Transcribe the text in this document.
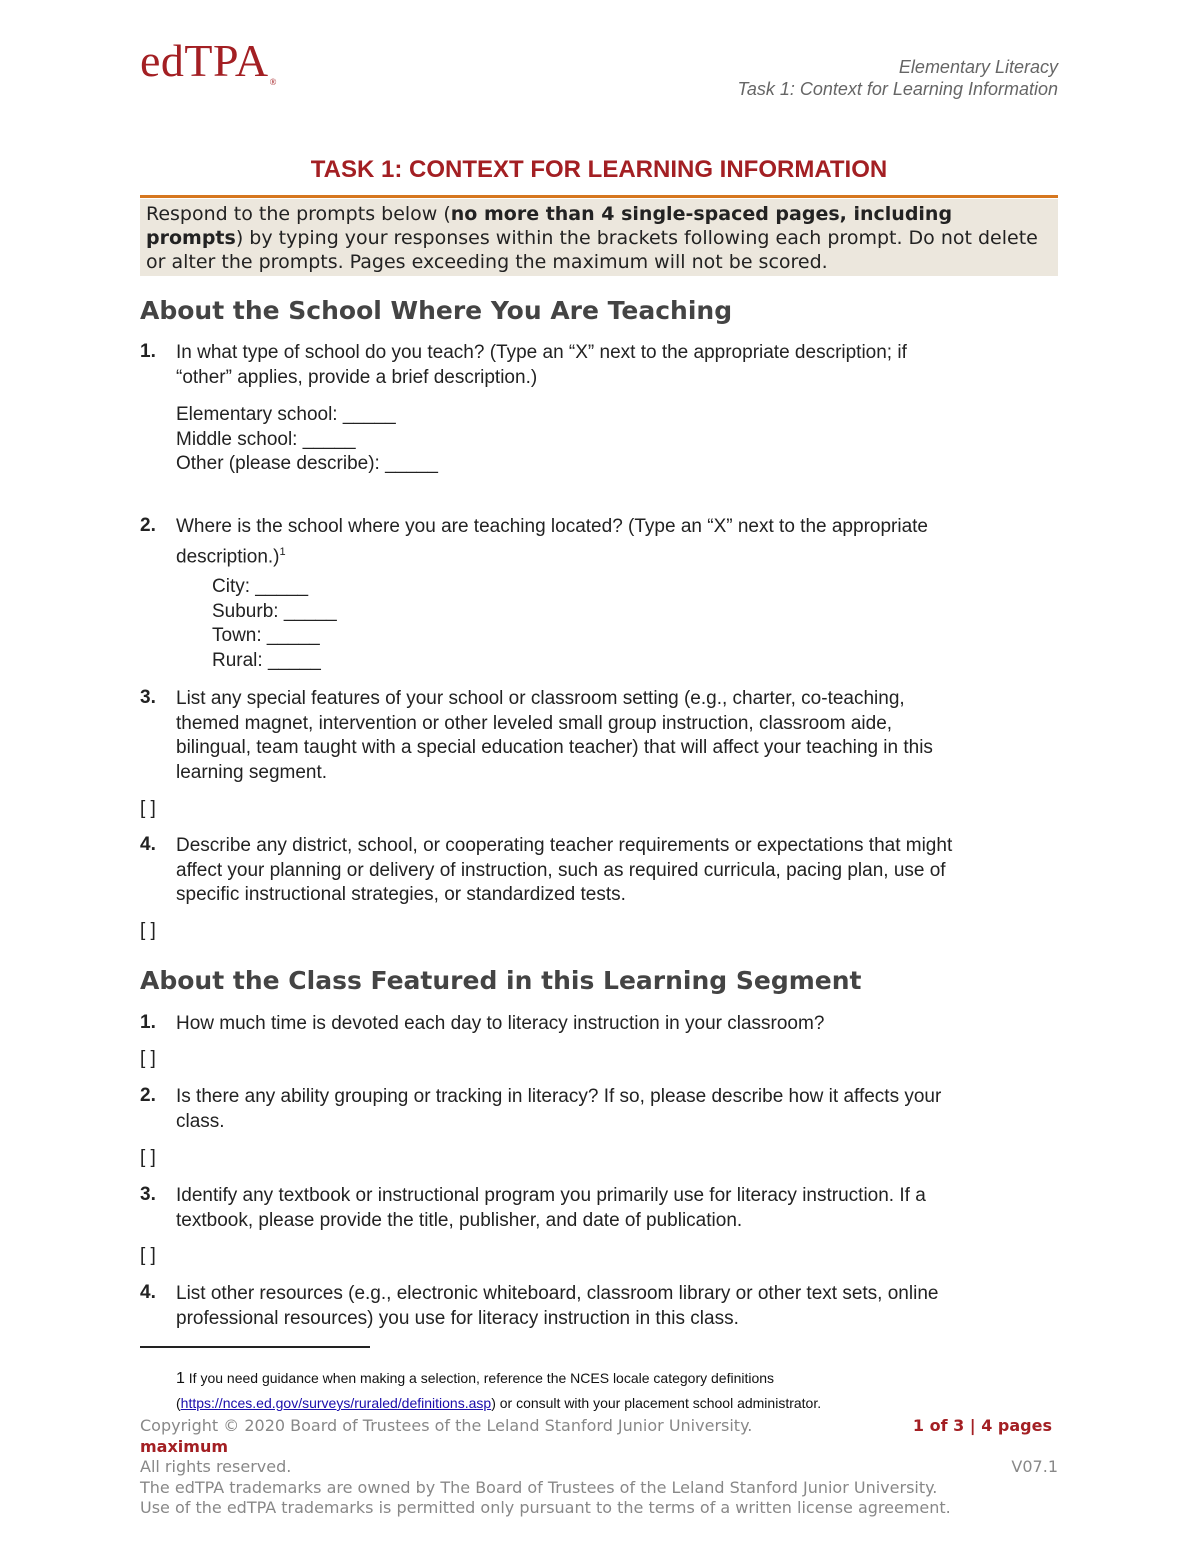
edTPA®
Elementary Literacy
Task 1: Context for Learning Information
TASK 1: CONTEXT FOR LEARNING INFORMATION
Respond to the prompts below (no more than 4 single-spaced pages, including prompts) by typing your responses within the brackets following each prompt. Do not delete or alter the prompts. Pages exceeding the maximum will not be scored.
About the School Where You Are Teaching
1. In what type of school do you teach? (Type an “X” next to the appropriate description; if
“other” applies, provide a brief description.)
Elementary school: _____
Middle school: _____
Other (please describe): _____
2. Where is the school where you are teaching located? (Type an “X” next to the appropriate
description.)$^1$
City: _____
Suburb: _____
Town: _____
Rural: _____
3. List any special features of your school or classroom setting (e.g., charter, co-teaching,
themed magnet, intervention or other leveled small group instruction, classroom aide,
bilingual, team taught with a special education teacher) that will affect your teaching in this
learning segment.
[ ]
4. Describe any district, school, or cooperating teacher requirements or expectations that might
affect your planning or delivery of instruction, such as required curricula, pacing plan, use of
specific instructional strategies, or standardized tests.
[ ]
About the Class Featured in this Learning Segment
1. How much time is devoted each day to literacy instruction in your classroom?
[ ]
2. Is there any ability grouping or tracking in literacy? If so, please describe how it affects your
class.
[ ]
3. Identify any textbook or instructional program you primarily use for literacy instruction. If a
textbook, please provide the title, publisher, and date of publication.
[ ]
4. List other resources (e.g., electronic whiteboard, classroom library or other text sets, online
professional resources) you use for literacy instruction in this class.
1 If you need guidance when making a selection, reference the NCES locale category definitions
(https://nces.ed.gov/surveys/ruraled/definitions.asp) or consult with your placement school administrator.
Copyright © 2020 Board of Trustees of the Leland Stanford Junior University.	1 of 3 | 4 pages
maximum
All rights reserved.	V07.1
The edTPA trademarks are owned by The Board of Trustees of the Leland Stanford Junior University.
Use of the edTPA trademarks is permitted only pursuant to the terms of a written license agreement.
